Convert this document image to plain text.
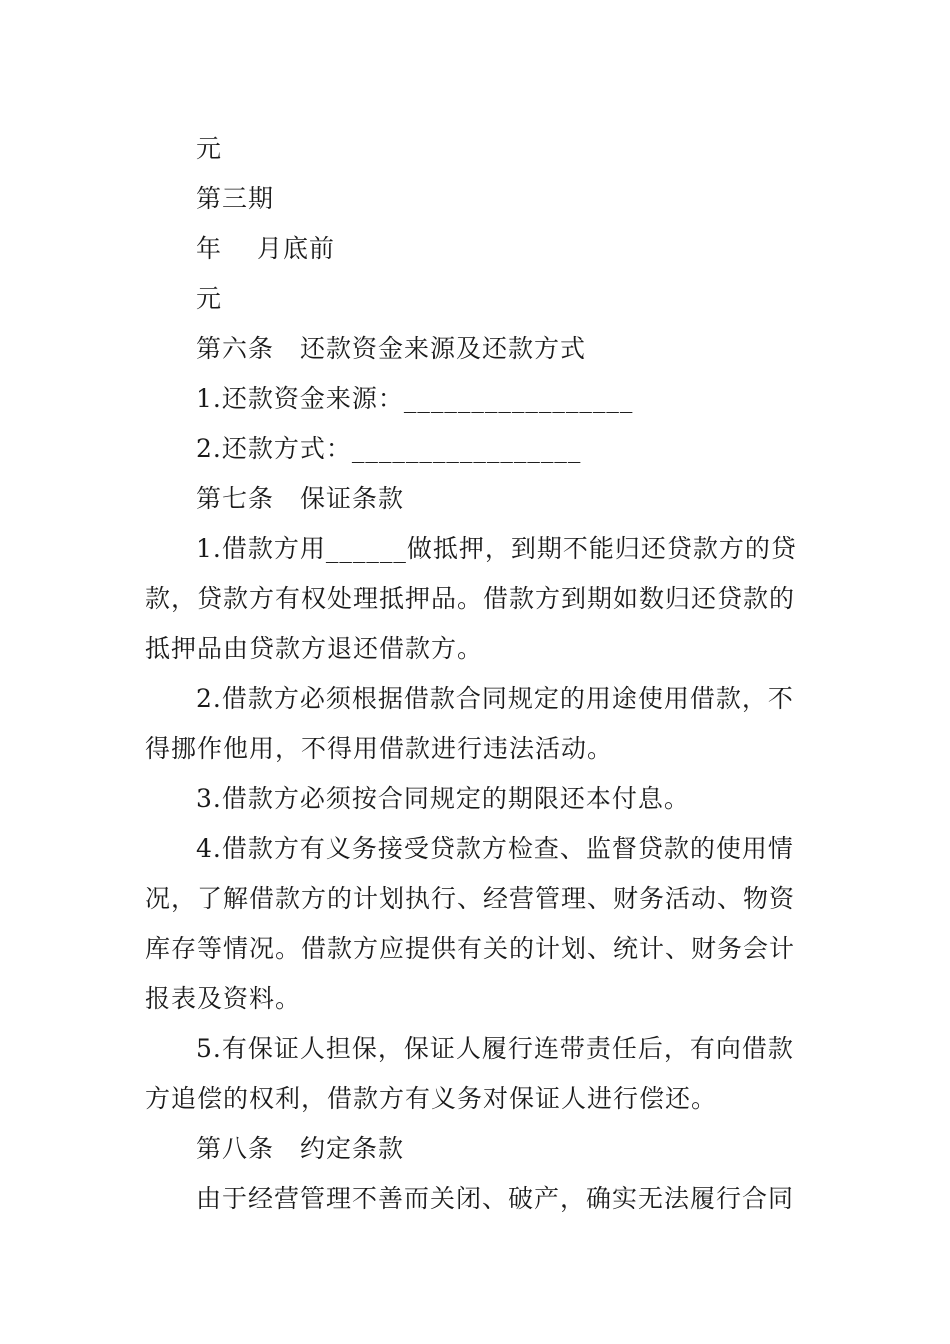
元
第三期
年　 月底前
元
第六条　还款资金来源及还款方式
1.还款资金来源：_________________
2.还款方式：_________________
第七条　保证条款
1.借款方用______做抵押，到期不能归还贷款方的贷
款，贷款方有权处理抵押品。借款方到期如数归还贷款的
抵押品由贷款方退还借款方。
2.借款方必须根据借款合同规定的用途使用借款，不
得挪作他用，不得用借款进行违法活动。
3.借款方必须按合同规定的期限还本付息。
4.借款方有义务接受贷款方检查、监督贷款的使用情
况，了解借款方的计划执行、经营管理、财务活动、物资
库存等情况。借款方应提供有关的计划、统计、财务会计
报表及资料。
5.有保证人担保，保证人履行连带责任后，有向借款
方追偿的权利，借款方有义务对保证人进行偿还。
第八条　约定条款
由于经营管理不善而关闭、破产，确实无法履行合同
